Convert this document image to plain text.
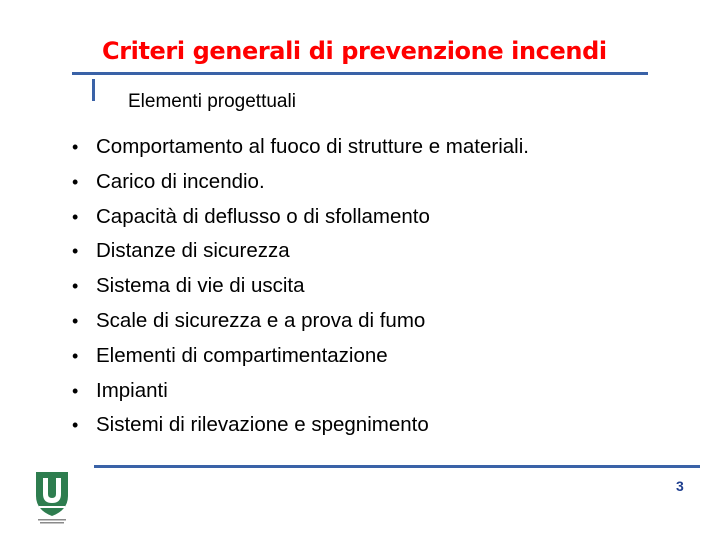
Criteri generali di prevenzione incendi
Elementi progettuali
• Comportamento al fuoco di strutture e materiali.
• Carico di incendio.
• Capacità di deflusso o di sfollamento
• Distanze di sicurezza
• Sistema di vie di uscita
• Scale di sicurezza e a prova di fumo
• Elementi di compartimentazione
• Impianti
• Sistemi di rilevazione e spegnimento
3
